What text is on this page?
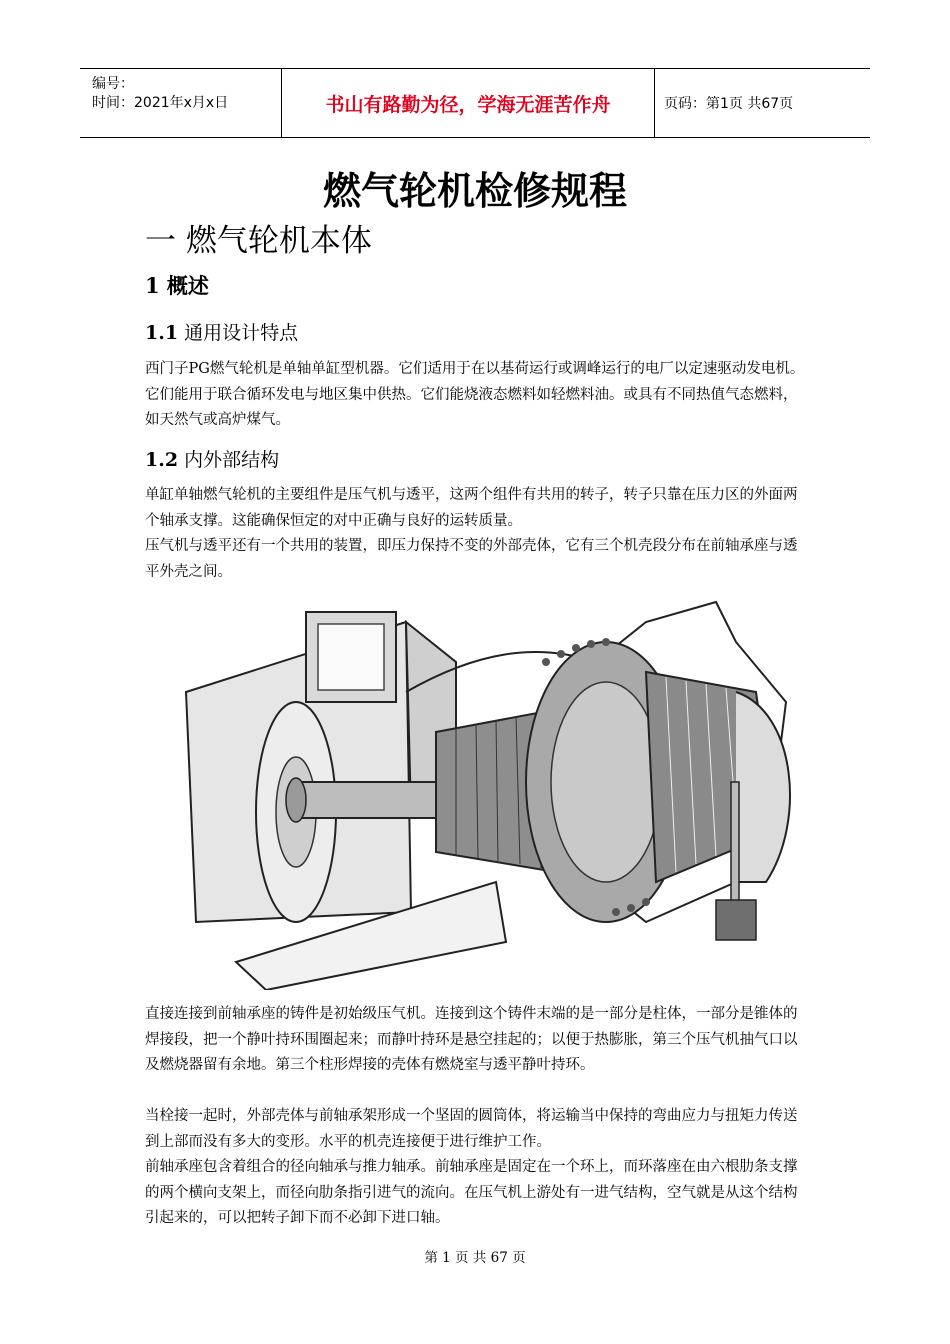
编号：
时间：2021年x月x日	书山有路勤为径，学海无涯苦作舟	页码：第1页 共67页
燃气轮机检修规程
一 燃气轮机本体
1 概述
1.1 通用设计特点
西门子PG燃气轮机是单轴单缸型机器。它们适用于在以基荷运行或调峰运行的电厂以定速驱动发电机。它们能用于联合循环发电与地区集中供热。它们能烧液态燃料如轻燃料油。或具有不同热值气态燃料，如天然气或高炉煤气。
1.2 内外部结构
单缸单轴燃气轮机的主要组件是压气机与透平，这两个组件有共用的转子，转子只靠在压力区的外面两个轴承支撑。这能确保恒定的对中正确与良好的运转质量。
压气机与透平还有一个共用的装置，即压力保持不变的外部壳体，它有三个机壳段分布在前轴承座与透平外壳之间。
直接连接到前轴承座的铸件是初始级压气机。连接到这个铸件末端的是一部分是柱体，一部分是锥体的焊接段，把一个静叶持环围圈起来；而静叶持环是悬空挂起的；以便于热膨胀，第三个压气机抽气口以及燃烧器留有余地。第三个柱形焊接的壳体有燃烧室与透平静叶持环。
当栓接一起时，外部壳体与前轴承架形成一个坚固的圆筒体，将运输当中保持的弯曲应力与扭矩力传送到上部而没有多大的变形。水平的机壳连接便于进行维护工作。
前轴承座包含着组合的径向轴承与推力轴承。前轴承座是固定在一个环上，而环落座在由六根肋条支撑的两个横向支架上，而径向肋条指引进气的流向。在压气机上游处有一进气结构，空气就是从这个结构引起来的，可以把转子卸下而不必卸下进口轴。
第 1 页 共 67 页
